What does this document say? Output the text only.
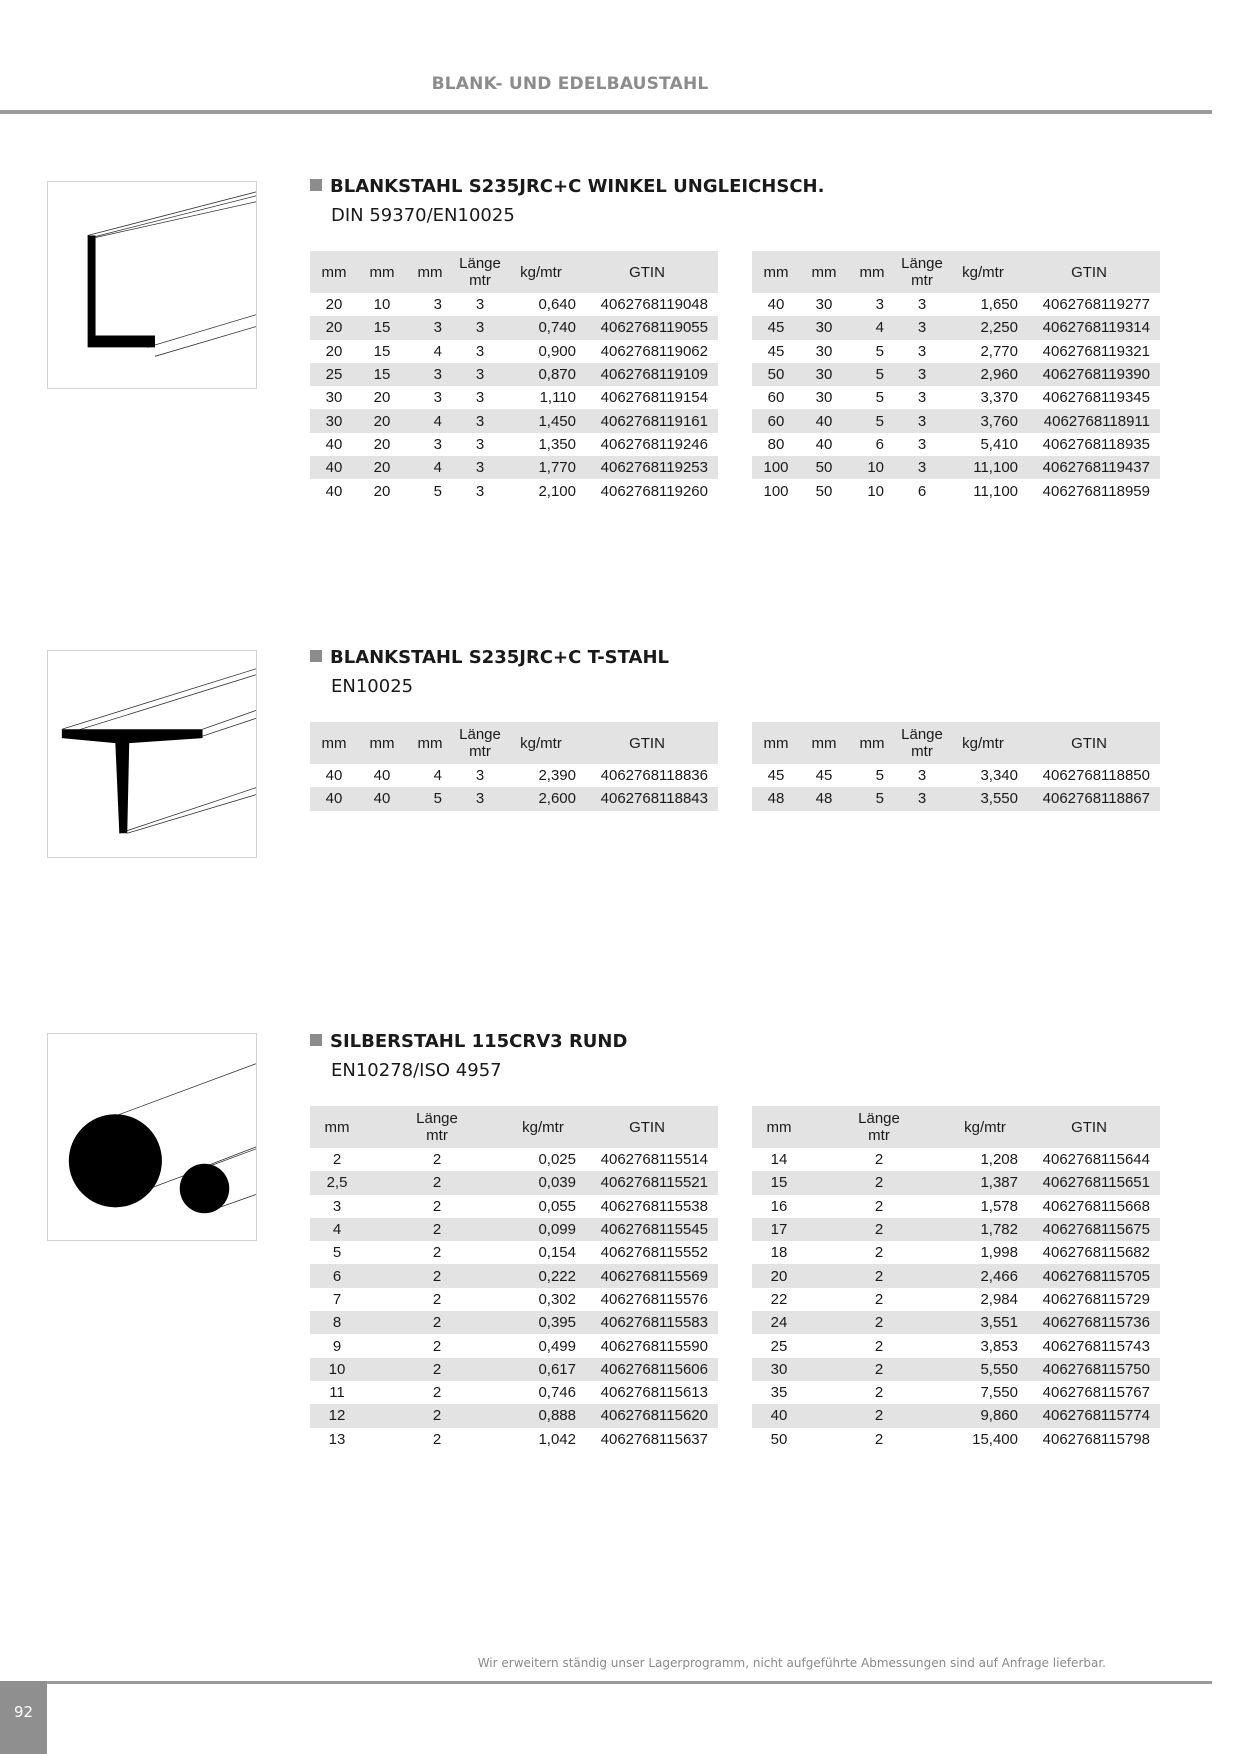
BLANK- UND EDELBAUSTAHL
BLANKSTAHL S235JRC+C WINKEL UNGLEICHSCH.
DIN 59370/EN10025
mm	mm	mm	Länge
mtr	kg/mtr	GTIN
20	10	3	3	0,640	4062768119048
20	15	3	3	0,740	4062768119055
20	15	4	3	0,900	4062768119062
25	15	3	3	0,870	4062768119109
30	20	3	3	1,110	4062768119154
30	20	4	3	1,450	4062768119161
40	20	3	3	1,350	4062768119246
40	20	4	3	1,770	4062768119253
40	20	5	3	2,100	4062768119260
mm	mm	mm	Länge
mtr	kg/mtr	GTIN
40	30	3	3	1,650	4062768119277
45	30	4	3	2,250	4062768119314
45	30	5	3	2,770	4062768119321
50	30	5	3	2,960	4062768119390
60	30	5	3	3,370	4062768119345
60	40	5	3	3,760	4062768118911
80	40	6	3	5,410	4062768118935
100	50	10	3	11,100	4062768119437
100	50	10	6	11,100	4062768118959
BLANKSTAHL S235JRC+C T-STAHL
EN10025
mm	mm	mm	Länge
mtr	kg/mtr	GTIN
40	40	4	3	2,390	4062768118836
40	40	5	3	2,600	4062768118843
mm	mm	mm	Länge
mtr	kg/mtr	GTIN
45	45	5	3	3,340	4062768118850
48	48	5	3	3,550	4062768118867
SILBERSTAHL 115CRV3 RUND
EN10278/ISO 4957
mm	Länge
mtr	kg/mtr	GTIN
2	2	0,025	4062768115514
2,5	2	0,039	4062768115521
3	2	0,055	4062768115538
4	2	0,099	4062768115545
5	2	0,154	4062768115552
6	2	0,222	4062768115569
7	2	0,302	4062768115576
8	2	0,395	4062768115583
9	2	0,499	4062768115590
10	2	0,617	4062768115606
11	2	0,746	4062768115613
12	2	0,888	4062768115620
13	2	1,042	4062768115637
mm	Länge
mtr	kg/mtr	GTIN
14	2	1,208	4062768115644
15	2	1,387	4062768115651
16	2	1,578	4062768115668
17	2	1,782	4062768115675
18	2	1,998	4062768115682
20	2	2,466	4062768115705
22	2	2,984	4062768115729
24	2	3,551	4062768115736
25	2	3,853	4062768115743
30	2	5,550	4062768115750
35	2	7,550	4062768115767
40	2	9,860	4062768115774
50	2	15,400	4062768115798
Wir erweitern ständig unser Lagerprogramm, nicht aufgeführte Abmessungen sind auf Anfrage lieferbar.
92
